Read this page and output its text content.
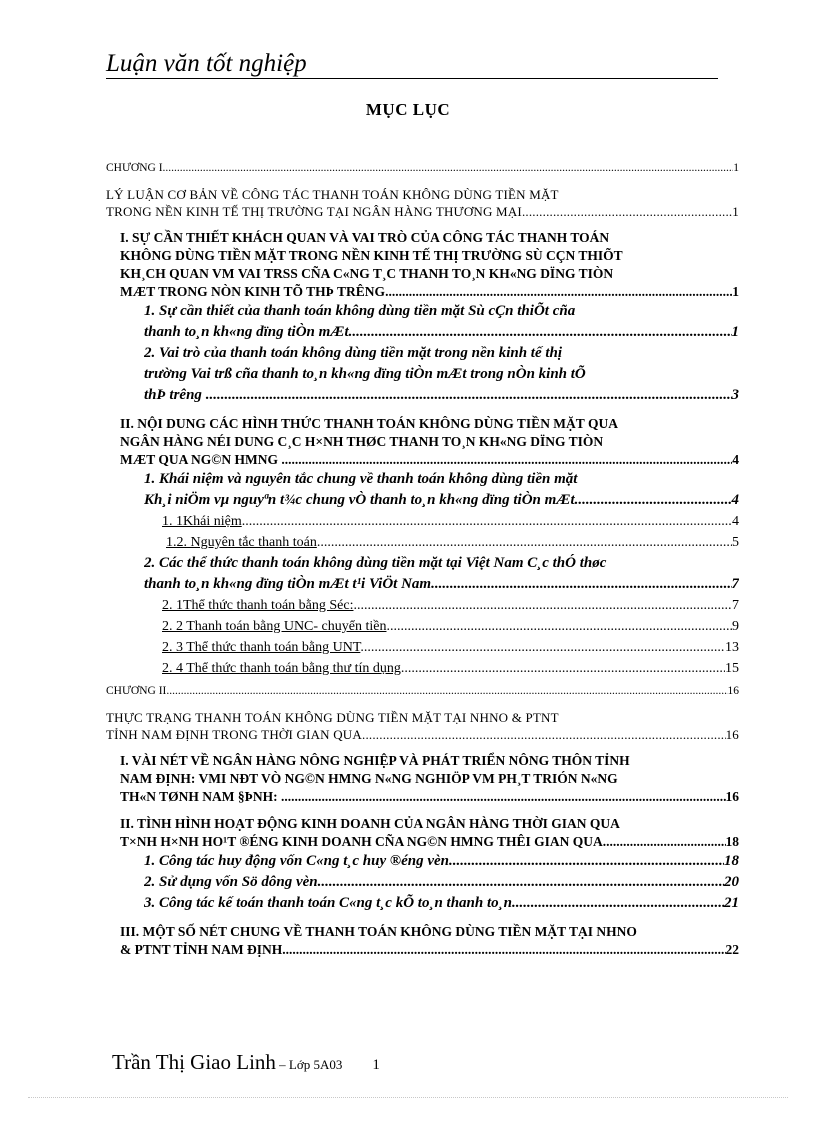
Luận văn tốt nghiệp
MỤC LỤC
CHƯƠNG I .....	1
LÝ LUẬN CƠ BẢN VỀ CÔNG TÁC THANH TOÁN KHÔNG DÙNG TIỀN MẶT
TRONG NỀN KINH TẾ THỊ TRƯỜNG TẠI NGÂN HÀNG THƯƠNG MẠI .....	1
I. SỰ CẦN THIẾT KHÁCH QUAN VÀ VAI TRÒ CỦA CÔNG TÁC THANH TOÁN
KHÔNG DÙNG TIỀN MẶT TRONG NỀN KINH TẾ THỊ TRƯỜNG SÙ CÇN THIÕT
KH¸CH QUAN VΜ VAI TRSS CÑA C«NG T¸C THANH TO¸N KH«NG DÏNG TIÒN
MÆT TRONG NÒN KINH TÕ THÞ TRÊNG .....	1
1. Sự cần thiết của thanh toán không dùng tiền mặt Sù cÇn thiÕt cña
thanh to¸n kh«ng dïng tiÒn mÆt .....	1
2. Vai trò của thanh toán không dùng tiền mặt trong nền kinh tế thị
trường Vai trß cña thanh to¸n kh«ng dïng tiÒn mÆt trong nÒn kinh tÕ
thÞ trêng .....	3
II. NỘI DUNG CÁC HÌNH THỨC THANH TOÁN KHÔNG DÙNG TIỀN MẶT QUA
NGÂN HÀNG NÉI DUNG C¸C H×NH THØC THANH TO¸N KH«NG DÏNG TIÒN
MÆT QUA NG©N HΜNG .....	4
1. Khái niệm và nguyên tắc chung về thanh toán không dùng tiền mặt
Kh¸i niÖm vµ nguyªn t¾c chung vÒ thanh to¸n kh«ng dïng tiÒn mÆt .....	4
1. 1Khái niệm .....	4
1.2. Nguyên tắc thanh toán .....	5
2. Các thể thức thanh toán không dùng tiền mặt tại Việt Nam C¸c thÓ thøc
thanh to¸n kh«ng dïng tiÒn mÆt t¹i ViÖt Nam .....	7
2. 1Thể thức thanh toán bằng Séc: .....	7
2. 2 Thanh toán bằng UNC- chuyển tiền .....	9
2. 3 Thể thức thanh toán bằng UNT .....	13
2. 4 Thể thức thanh toán bằng thư tín dụng .....	15
CHƯƠNG II .....	16
THỰC TRẠNG THANH TOÁN KHÔNG DÙNG TIỀN MẶT TẠI NHNO & PTNT
TỈNH NAM ĐỊNH TRONG THỜI GIAN QUA .....	16
I. VÀI NÉT VỀ NGÂN HÀNG NÔNG NGHIỆP VÀ PHÁT TRIỂN NÔNG THÔN TỈNH
NAM ĐỊNH: VΜI NÐT VÒ NG©N HΜNG N«NG NGHIÖP VΜ PH¸T TRIÓN N«NG
TH«N TØNH NAM §ÞNH: .....	16
II. TÌNH HÌNH HOẠT ĐỘNG KINH DOANH CỦA NGÂN HÀNG THỜI GIAN QUA
T×NH H×NH HO¹T ®ÉNG KINH DOANH CÑA NG©N HΜNG THÊI GIAN QUA .....	18
1. Công tác huy động vốn C«ng t¸c huy ®éng vèn .....	18
2. Sử dụng vốn Sö dông vèn .....	20
3. Công tác kế toán thanh toán C«ng t¸c kÕ to¸n thanh to¸n .....	21
III. MỘT SỐ NÉT CHUNG VỀ THANH TOÁN KHÔNG DÙNG TIỀN MẶT TẠI NHNO
& PTNT TỈNH NAM ĐỊNH .....	22
Trần Thị Giao Linh – Lớp 5A03 1
